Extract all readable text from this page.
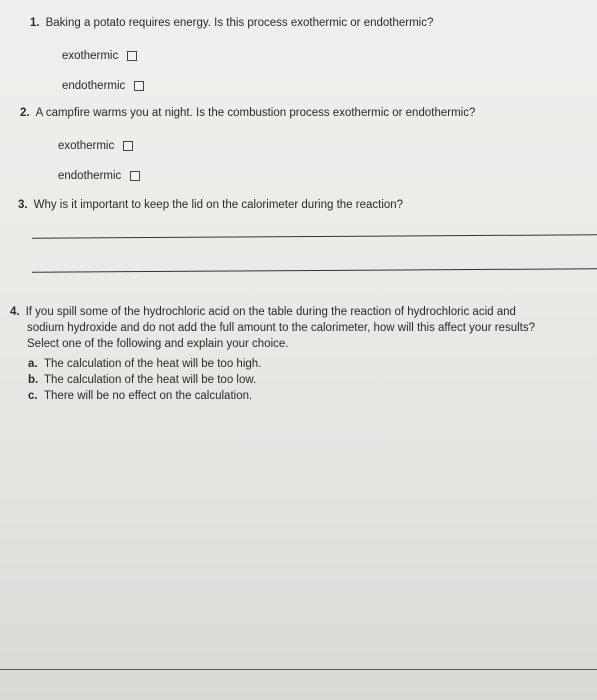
1. Baking a potato requires energy. Is this process exothermic or endothermic?
exothermic
endothermic
2. A campfire warms you at night. Is the combustion process exothermic or endothermic?
exothermic
endothermic
3. Why is it important to keep the lid on the calorimeter during the reaction?
4. If you spill some of the hydrochloric acid on the table during the reaction of hydrochloric acid and
sodium hydroxide and do not add the full amount to the calorimeter, how will this affect your results?
Select one of the following and explain your choice.
a. The calculation of the heat will be too high.
b. The calculation of the heat will be too low.
c. There will be no effect on the calculation.
